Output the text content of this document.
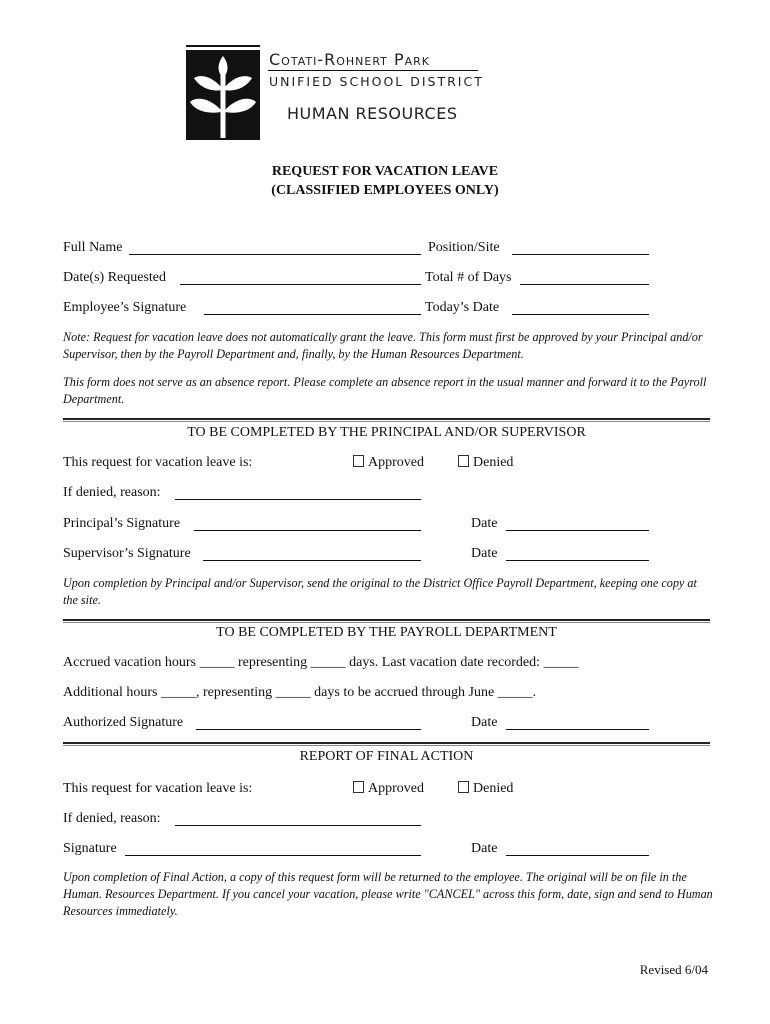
Cotati-Rohnert Park
UNIFIED SCHOOL DISTRICT
HUMAN RESOURCES
REQUEST FOR VACATION LEAVE
(CLASSIFIED EMPLOYEES ONLY)
Full Name	Position/Site
Date(s) Requested	Total # of Days
Employee’s Signature	Today’s Date
Note: Request for vacation leave does not automatically grant the leave. This form must first be approved by your Principal and/or Supervisor, then by the Payroll Department and, finally, by the Human Resources Department.
This form does not serve as an absence report. Please complete an absence report in the usual manner and forward it to the Payroll Department.
TO BE COMPLETED BY THE PRINCIPAL AND/OR SUPERVISOR
This request for vacation leave is:	Approved	Denied
If denied, reason:
Principal’s Signature	Date
Supervisor’s Signature	Date
Upon completion by Principal and/or Supervisor, send the original to the District Office Payroll Department, keeping one copy at the site.
TO BE COMPLETED BY THE PAYROLL DEPARTMENT
Accrued vacation hours _____ representing _____ days. Last vacation date recorded: _____
Additional hours _____, representing _____ days to be accrued through June _____.
Authorized Signature	Date
REPORT OF FINAL ACTION
This request for vacation leave is:	Approved	Denied
If denied, reason:
Signature	Date
Upon completion of Final Action, a copy of this request form will be returned to the employee. The original will be on file in the Human. Resources Department. If you cancel your vacation, please write "CANCEL" across this form, date, sign and send to Human Resources immediately.
Revised 6/04
